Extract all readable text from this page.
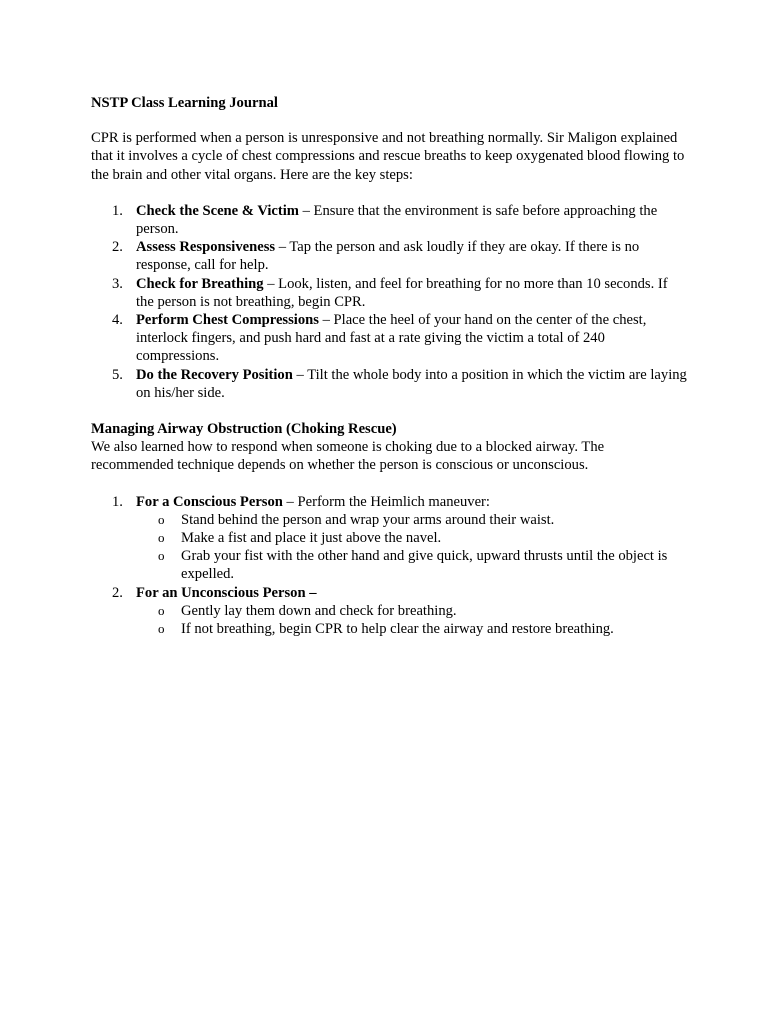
NSTP Class Learning Journal

CPR is performed when a person is unresponsive and not breathing normally. Sir Maligon explained that it involves a cycle of chest compressions and rescue breaths to keep oxygenated blood flowing to the brain and other vital organs. Here are the key steps:

1. Check the Scene & Victim – Ensure that the environment is safe before approaching the person.
2. Assess Responsiveness – Tap the person and ask loudly if they are okay. If there is no response, call for help.
3. Check for Breathing – Look, listen, and feel for breathing for no more than 10 seconds. If the person is not breathing, begin CPR.
4. Perform Chest Compressions – Place the heel of your hand on the center of the chest, interlock fingers, and push hard and fast at a rate giving the victim a total of 240 compressions.
5. Do the Recovery Position – Tilt the whole body into a position in which the victim are laying on his/her side.

Managing Airway Obstruction (Choking Rescue)

We also learned how to respond when someone is choking due to a blocked airway. The recommended technique depends on whether the person is conscious or unconscious.

1. For a Conscious Person – Perform the Heimlich maneuver:
o Stand behind the person and wrap your arms around their waist.
o Make a fist and place it just above the navel.
o Grab your fist with the other hand and give quick, upward thrusts until the object is expelled.
2. For an Unconscious Person –
o Gently lay them down and check for breathing.
o If not breathing, begin CPR to help clear the airway and restore breathing.
